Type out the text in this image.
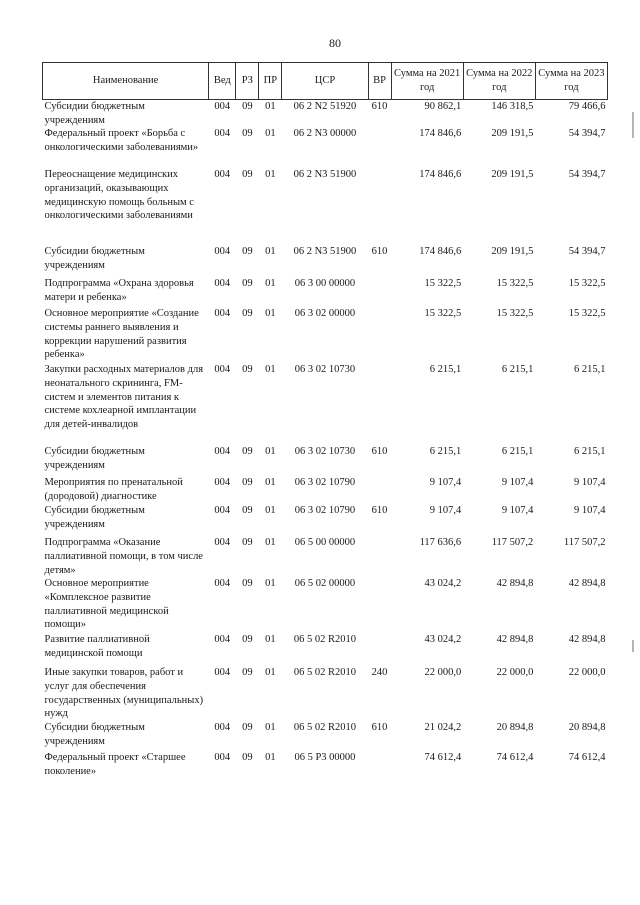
80
Наименование	Вед	РЗ	ПР	ЦСР	ВР	Сумма на 2021 год	Сумма на 2022 год	Сумма на 2023 год
Субсидии бюджетным учреждениям	004	09	01	06 2 N2 51920	610	90 862,1	146 318,5	79 466,6
Федеральный проект «Борьба с онкологическими заболеваниями»	004	09	01	06 2 N3 00000		174 846,6	209 191,5	54 394,7
Переоснащение медицинских организаций, оказывающих медицинскую помощь больным с онкологическими заболеваниями	004	09	01	06 2 N3 51900		174 846,6	209 191,5	54 394,7
Субсидии бюджетным учреждениям	004	09	01	06 2 N3 51900	610	174 846,6	209 191,5	54 394,7
Подпрограмма «Охрана здоровья матери и ребенка»	004	09	01	06 3 00 00000		15 322,5	15 322,5	15 322,5
Основное мероприятие «Создание системы раннего выявления и коррекции нарушений развития ребенка»	004	09	01	06 3 02 00000		15 322,5	15 322,5	15 322,5
Закупки расходных материалов для неонатального скрининга, FM-систем и элементов питания к системе кохлеарной имплантации для детей-инвалидов	004	09	01	06 3 02 10730		6 215,1	6 215,1	6 215,1
Субсидии бюджетным учреждениям	004	09	01	06 3 02 10730	610	6 215,1	6 215,1	6 215,1
Мероприятия по пренатальной (дородовой) диагностике	004	09	01	06 3 02 10790		9 107,4	9 107,4	9 107,4
Субсидии бюджетным учреждениям	004	09	01	06 3 02 10790	610	9 107,4	9 107,4	9 107,4
Подпрограмма «Оказание паллиативной помощи, в том числе детям»	004	09	01	06 5 00 00000		117 636,6	117 507,2	117 507,2
Основное мероприятие «Комплексное развитие паллиативной медицинской помощи»	004	09	01	06 5 02 00000		43 024,2	42 894,8	42 894,8
Развитие паллиативной медицинской помощи	004	09	01	06 5 02 R2010		43 024,2	42 894,8	42 894,8
Иные закупки товаров, работ и услуг для обеспечения государственных (муниципальных) нужд	004	09	01	06 5 02 R2010	240	22 000,0	22 000,0	22 000,0
Субсидии бюджетным учреждениям	004	09	01	06 5 02 R2010	610	21 024,2	20 894,8	20 894,8
Федеральный проект «Старшее поколение»	004	09	01	06 5 P3 00000		74 612,4	74 612,4	74 612,4
